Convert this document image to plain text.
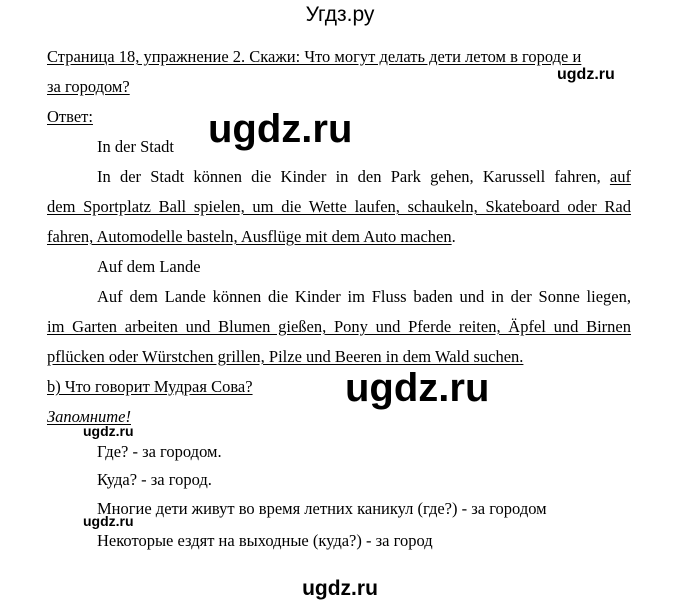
Угдз.ру
Страница 18, упражнение 2. Скажи: Что могут делать дети летом в городе и
за городом?
ugdz.ru
Ответ:	ugdz.ru
In der Stadt
In der Stadt können die Kinder in den Park gehen, Karussell fahren, auf
dem Sportplatz Ball spielen, um die Wette laufen, schaukeln, Skateboard oder Rad
fahren, Automodelle basteln, Ausflüge mit dem Auto machen.
Auf dem Lande
Auf dem Lande können die Kinder im Fluss baden und in der Sonne liegen,
im Garten arbeiten und Blumen gießen, Pony und Pferde reiten, Äpfel und Birnen
pflücken oder Würstchen grillen, Pilze und Beeren in dem Wald suchen.
b) Что говорит Мудрая Сова? ugdz.ru
Запомните!
ugdz.ru
Где? - за городом.
Куда? - за город.
Многие дети живут во время летних каникул (где?) - за городом
ugdz.ru
Некоторые ездят на выходные (куда?) - за город
ugdz.ru
